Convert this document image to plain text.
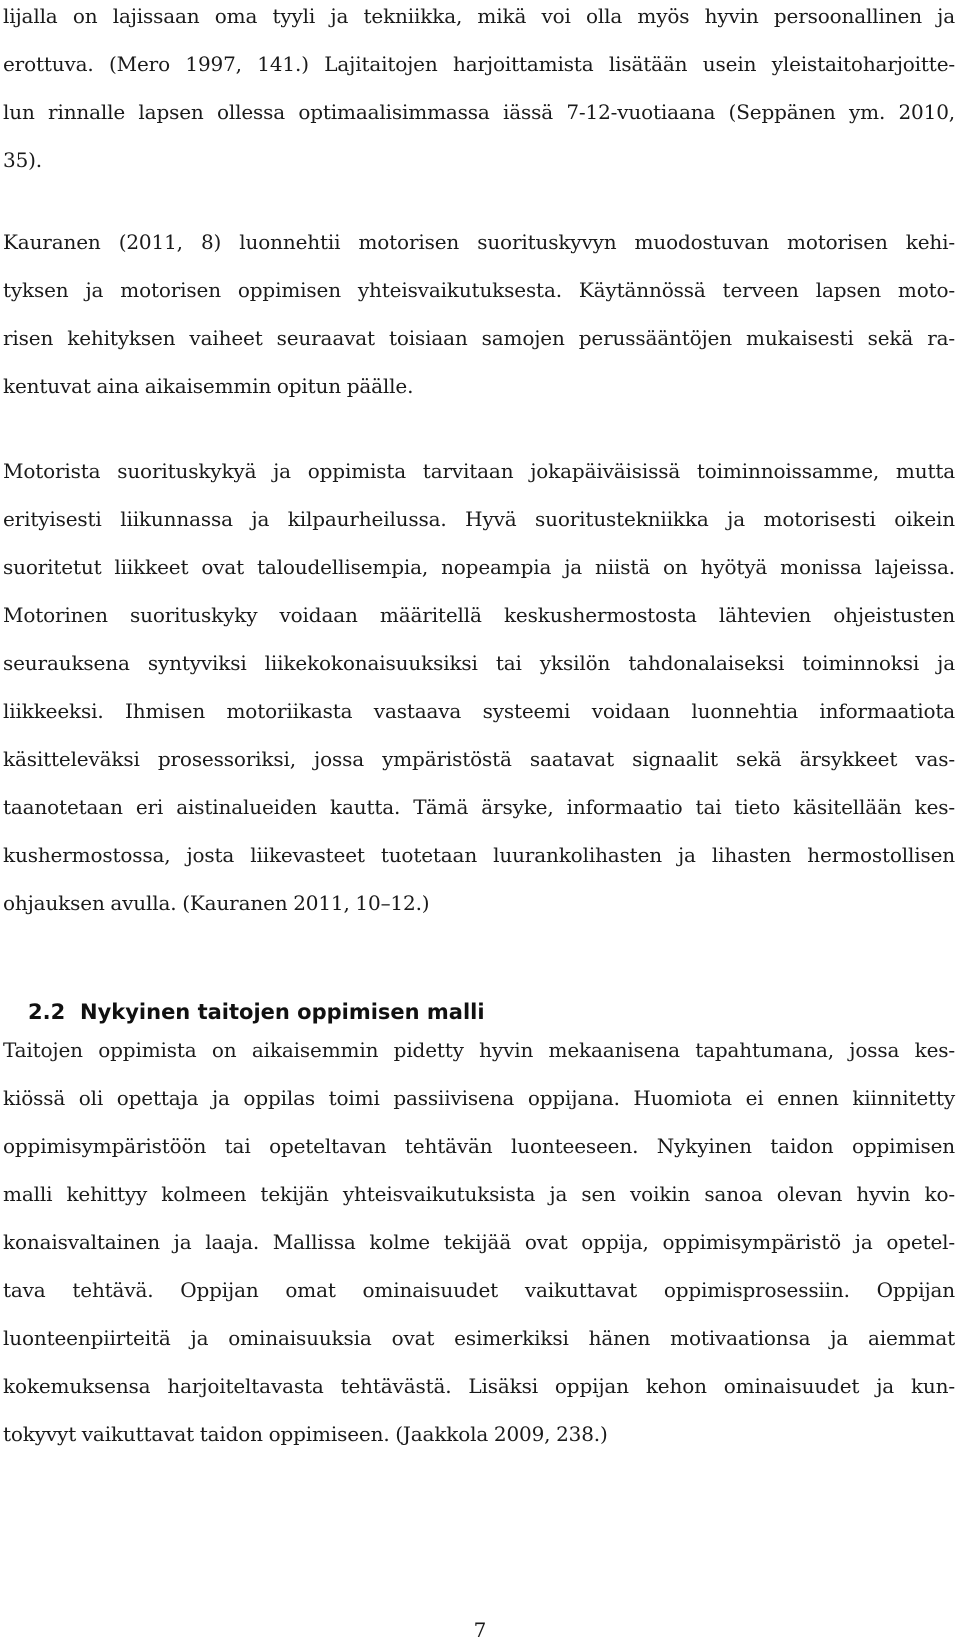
lijalla on lajissaan oma tyyli ja tekniikka, mikä voi olla myös hyvin persoonallinen ja
erottuva. (Mero 1997, 141.) Lajitaitojen harjoittamista lisätään usein yleistaitoharjoitte-
lun rinnalle lapsen ollessa optimaalisimmassa iässä 7-12-vuotiaana (Seppänen ym. 2010,
35).

Kauranen (2011, 8) luonnehtii motorisen suorituskyvyn muodostuvan motorisen kehi-
tyksen ja motorisen oppimisen yhteisvaikutuksesta. Käytännössä terveen lapsen moto-
risen kehityksen vaiheet seuraavat toisiaan samojen perussääntöjen mukaisesti sekä ra-
kentuvat aina aikaisemmin opitun päälle.

Motorista suorituskykyä ja oppimista tarvitaan jokapäiväisissä toiminnoissamme, mutta
erityisesti liikunnassa ja kilpaurheilussa. Hyvä suoritustekniikka ja motorisesti oikein
suoritetut liikkeet ovat taloudellisempia, nopeampia ja niistä on hyötyä monissa lajeissa.
Motorinen suorituskyky voidaan määritellä keskushermostosta lähtevien ohjeistusten
seurauksena syntyviksi liikekokonaisuuksiksi tai yksilön tahdonalaiseksi toiminnoksi ja
liikkeeksi. Ihmisen motoriikasta vastaava systeemi voidaan luonnehtia informaatiota
käsitteleväksi prosessoriksi, jossa ympäristöstä saatavat signaalit sekä ärsykkeet vas-
taanotetaan eri aistinalueiden kautta. Tämä ärsyke, informaatio tai tieto käsitellään kes-
kushermostossa, josta liikevasteet tuotetaan luurankolihasten ja lihasten hermostollisen
ohjauksen avulla. (Kauranen 2011, 10–12.)

2.2 Nykyinen taitojen oppimisen malli

Taitojen oppimista on aikaisemmin pidetty hyvin mekaanisena tapahtumana, jossa kes-
kiössä oli opettaja ja oppilas toimi passiivisena oppijana. Huomiota ei ennen kiinnitetty
oppimisympäristöön tai opeteltavan tehtävän luonteeseen. Nykyinen taidon oppimisen
malli kehittyy kolmeen tekijän yhteisvaikutuksista ja sen voikin sanoa olevan hyvin ko-
konaisvaltainen ja laaja. Mallissa kolme tekijää ovat oppija, oppimisympäristö ja opetel-
tava tehtävä. Oppijan omat ominaisuudet vaikuttavat oppimisprosessiin. Oppijan
luonteenpiirteitä ja ominaisuuksia ovat esimerkiksi hänen motivaationsa ja aiemmat
kokemuksensa harjoiteltavasta tehtävästä. Lisäksi oppijan kehon ominaisuudet ja kun-
tokyvyt vaikuttavat taidon oppimiseen. (Jaakkola 2009, 238.)

7
